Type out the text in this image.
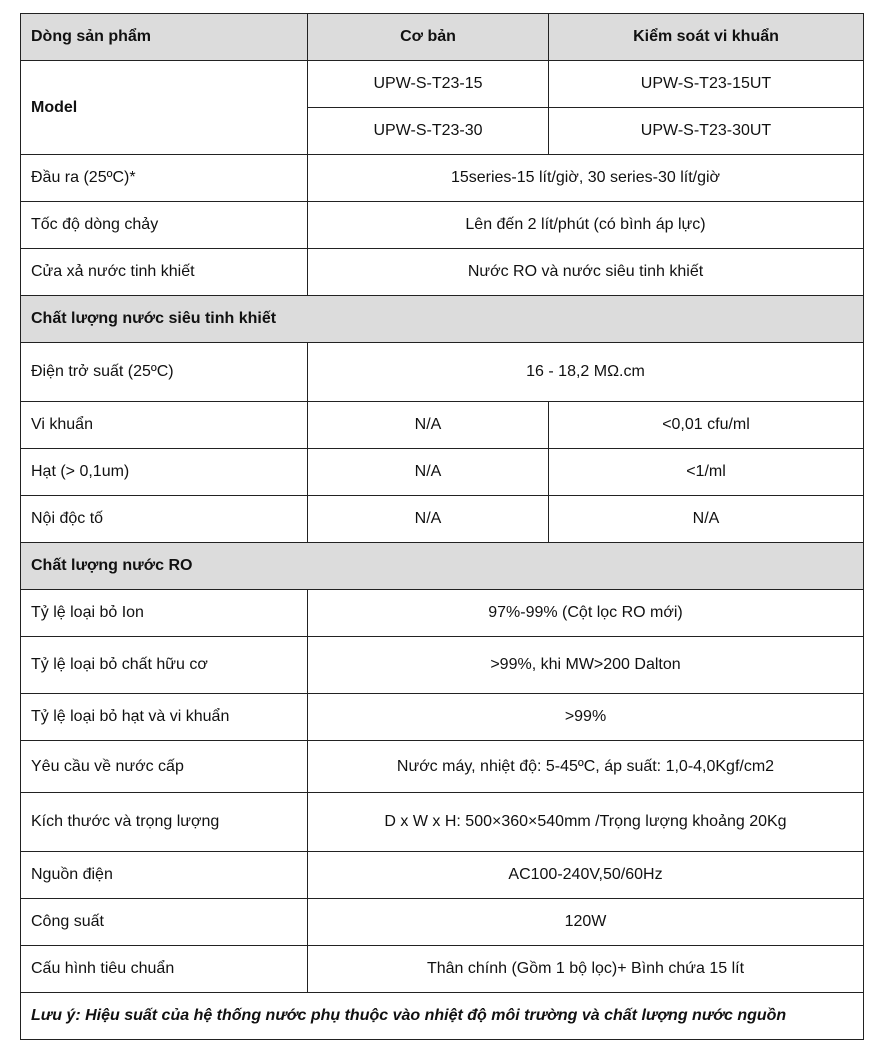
Dòng sản phẩm	Cơ bản	Kiểm soát vi khuẩn
Model	UPW-S-T23-15	UPW-S-T23-15UT
	UPW-S-T23-30	UPW-S-T23-30UT
Đầu ra (25ºC)*	15series-15 lít/giờ, 30 series-30 lít/giờ	
Tốc độ dòng chảy	Lên đến 2 lít/phút (có bình áp lực)	
Cửa xả nước tinh khiết	Nước RO và nước siêu tinh khiết	
Chất lượng nước siêu tinh khiết		
Điện trở suất (25ºC)	16 - 18,2 MΩ.cm	
Vi khuẩn	N/A	<0,01 cfu/ml
Hạt (> 0,1um)	N/A	<1/ml
Nội độc tố	N/A	N/A
Chất lượng nước RO		
Tỷ lệ loại bỏ Ion	97%-99% (Cột lọc RO mới)	
Tỷ lệ loại bỏ chất hữu cơ	>99%, khi MW>200 Dalton	
Tỷ lệ loại bỏ hạt và vi khuẩn	>99%	
Yêu cầu về nước cấp	Nước máy, nhiệt độ: 5-45ºC, áp suất: 1,0-4,0Kgf/cm2	
Kích thước và trọng lượng	D x W x H: 500×360×540mm /Trọng lượng khoảng 20Kg	
Nguồn điện	AC100-240V,50/60Hz	
Công suất	120W	
Cấu hình tiêu chuẩn	Thân chính (Gồm 1 bộ lọc)+ Bình chứa 15 lít	
Lưu ý: Hiệu suất của hệ thống nước phụ thuộc vào nhiệt độ môi trường và chất lượng nước nguồn		
